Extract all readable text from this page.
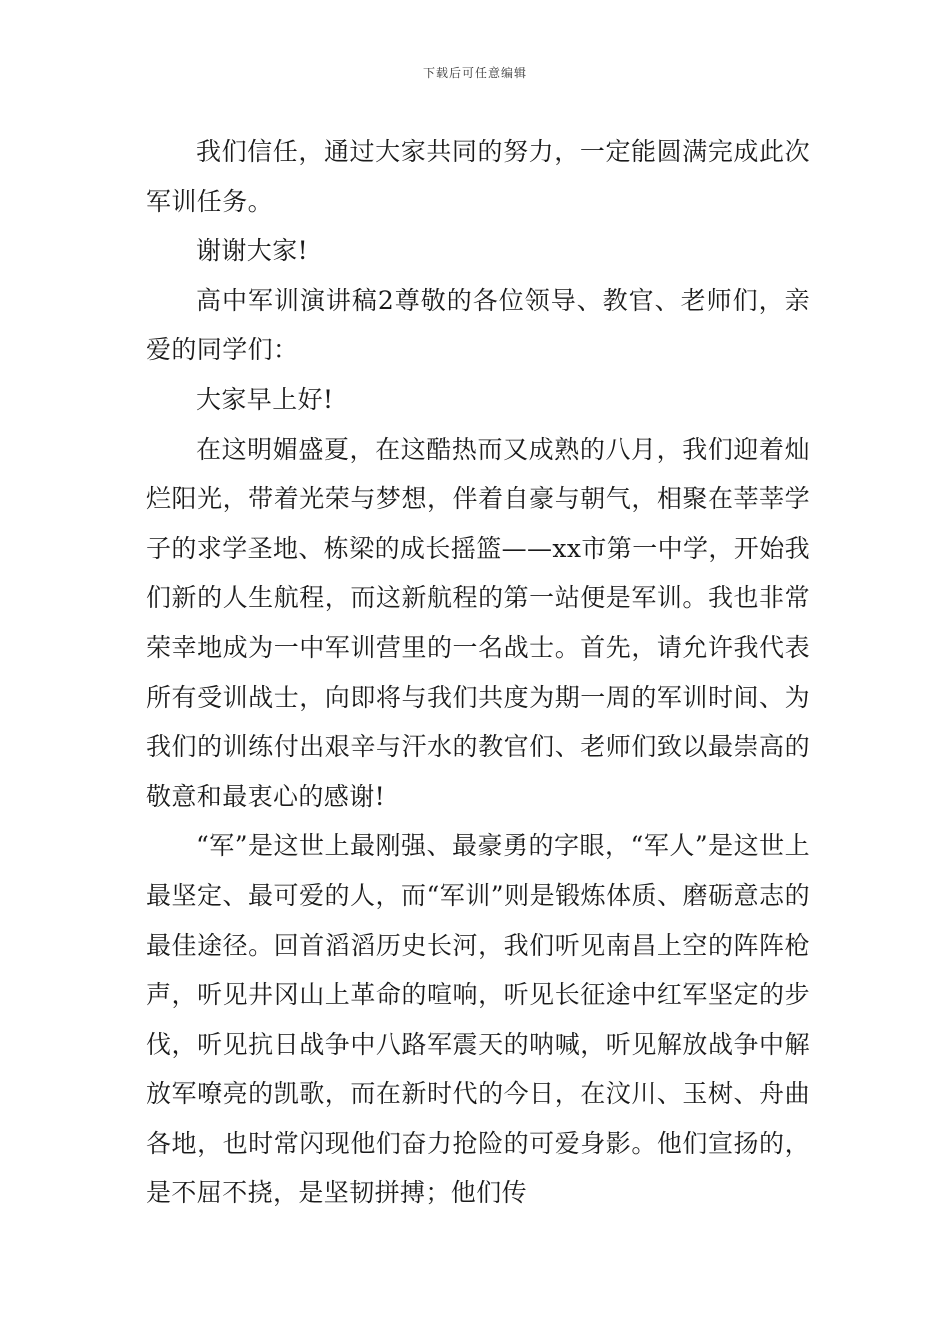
下载后可任意编辑

我们信任，通过大家共同的努力，一定能圆满完成此次军训任务。

谢谢大家!

高中军训演讲稿2尊敬的各位领导、教官、老师们，亲爱的同学们：

大家早上好!

在这明媚盛夏，在这酷热而又成熟的八月，我们迎着灿烂阳光，带着光荣与梦想，伴着自豪与朝气，相聚在莘莘学子的求学圣地、栋梁的成长摇篮——xx市第一中学，开始我们新的人生航程，而这新航程的第一站便是军训。我也非常荣幸地成为一中军训营里的一名战士。首先，请允许我代表所有受训战士，向即将与我们共度为期一周的军训时间、为我们的训练付出艰辛与汗水的教官们、老师们致以最崇高的敬意和最衷心的感谢!

“军”是这世上最刚强、最豪勇的字眼，“军人”是这世上最坚定、最可爱的人，而“军训”则是锻炼体质、磨砺意志的最佳途径。回首滔滔历史长河，我们听见南昌上空的阵阵枪声，听见井冈山上革命的喧响，听见长征途中红军坚定的步伐，听见抗日战争中八路军震天的呐喊，听见解放战争中解放军嘹亮的凯歌，而在新时代的今日，在汶川、玉树、舟曲各地，也时常闪现他们奋力抢险的可爱身影。他们宣扬的，是不屈不挠，是坚韧拼搏；他们传
